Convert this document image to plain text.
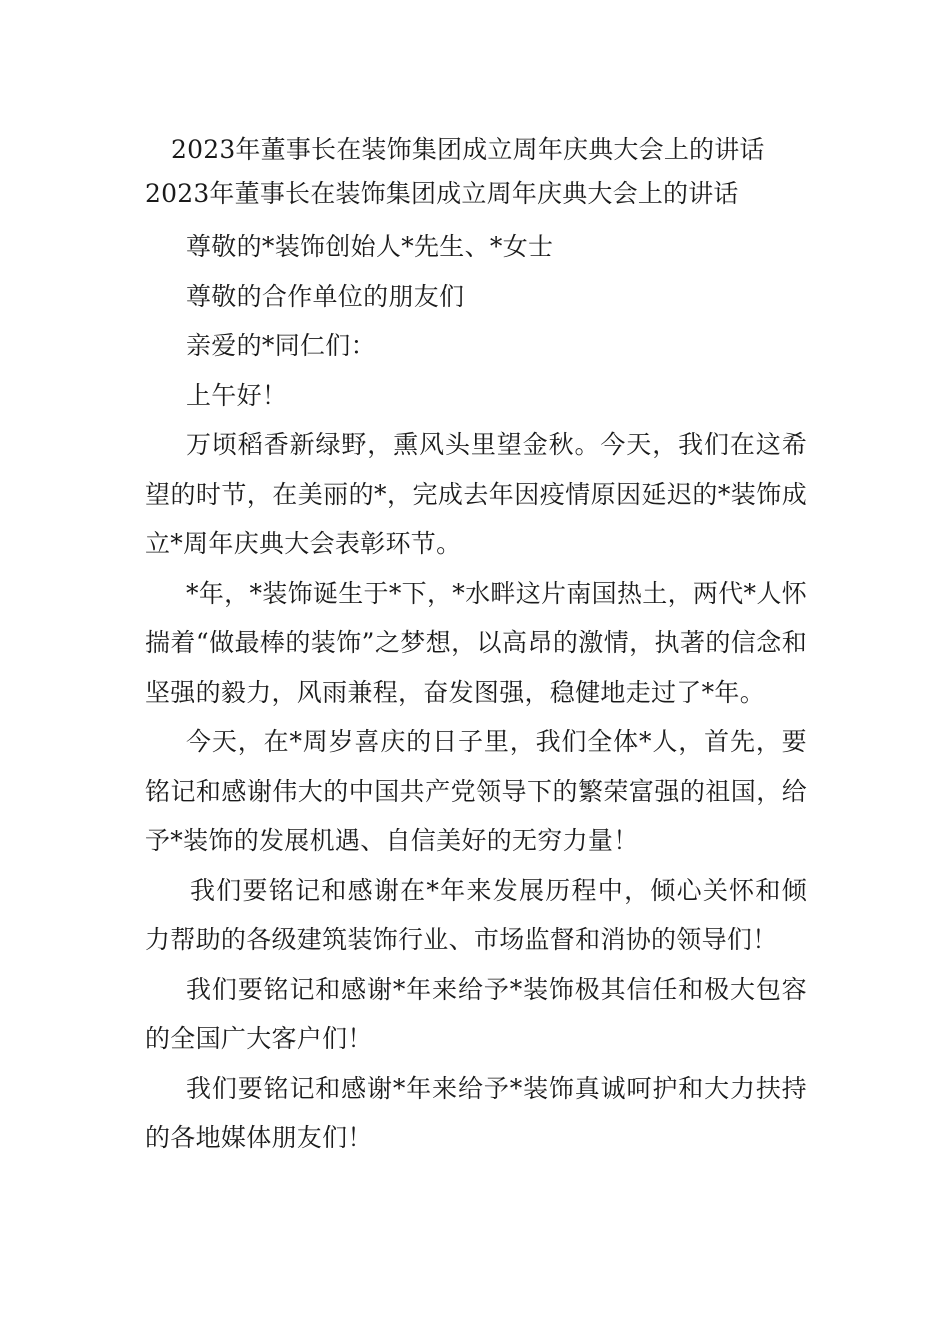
2023年董事长在装饰集团成立周年庆典大会上的讲话
2023年董事长在装饰集团成立周年庆典大会上的讲话

尊敬的*装饰创始人*先生、*女士

尊敬的合作单位的朋友们

亲爱的*同仁们：

上午好！

万顷稻香新绿野，熏风头里望金秋。今天，我们在这希望的时节，在美丽的*，完成去年因疫情原因延迟的*装饰成立*周年庆典大会表彰环节。

*年，*装饰诞生于*下，*水畔这片南国热土，两代*人怀揣着“做最棒的装饰”之梦想，以高昂的激情，执著的信念和坚强的毅力，风雨兼程，奋发图强，稳健地走过了*年。

今天，在*周岁喜庆的日子里，我们全体*人，首先，要铭记和感谢伟大的中国共产党领导下的繁荣富强的祖国，给予*装饰的发展机遇、自信美好的无穷力量！

我们要铭记和感谢在*年来发展历程中，倾心关怀和倾力帮助的各级建筑装饰行业、市场监督和消协的领导们！

我们要铭记和感谢*年来给予*装饰极其信任和极大包容的全国广大客户们！

我们要铭记和感谢*年来给予*装饰真诚呵护和大力扶持的各地媒体朋友们！
